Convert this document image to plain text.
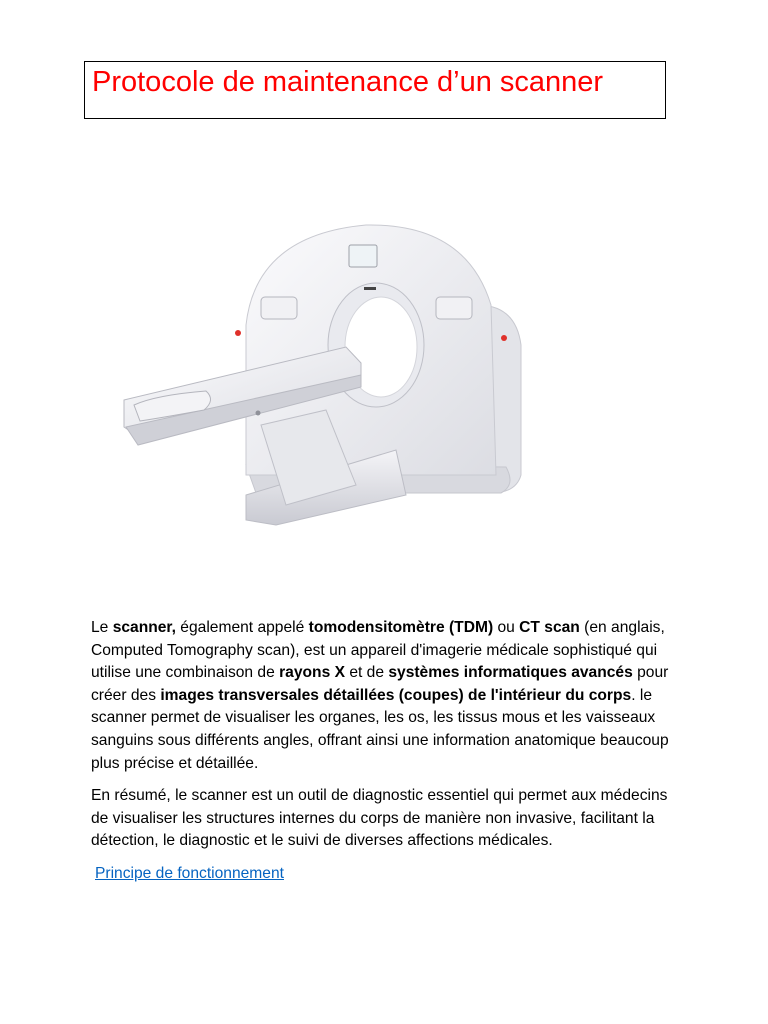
Protocole de maintenance d’un scanner

Le scanner, également appelé tomodensitomètre (TDM) ou CT scan (en anglais, Computed Tomography scan), est un appareil d'imagerie médicale sophistiqué qui utilise une combinaison de rayons X et de systèmes informatiques avancés pour créer des images transversales détaillées (coupes) de l'intérieur du corps. le scanner permet de visualiser les organes, les os, les tissus mous et les vaisseaux sanguins sous différents angles, offrant ainsi une information anatomique beaucoup plus précise et détaillée.

En résumé, le scanner est un outil de diagnostic essentiel qui permet aux médecins de visualiser les structures internes du corps de manière non invasive, facilitant la détection, le diagnostic et le suivi de diverses affections médicales.

Principe de fonctionnement
